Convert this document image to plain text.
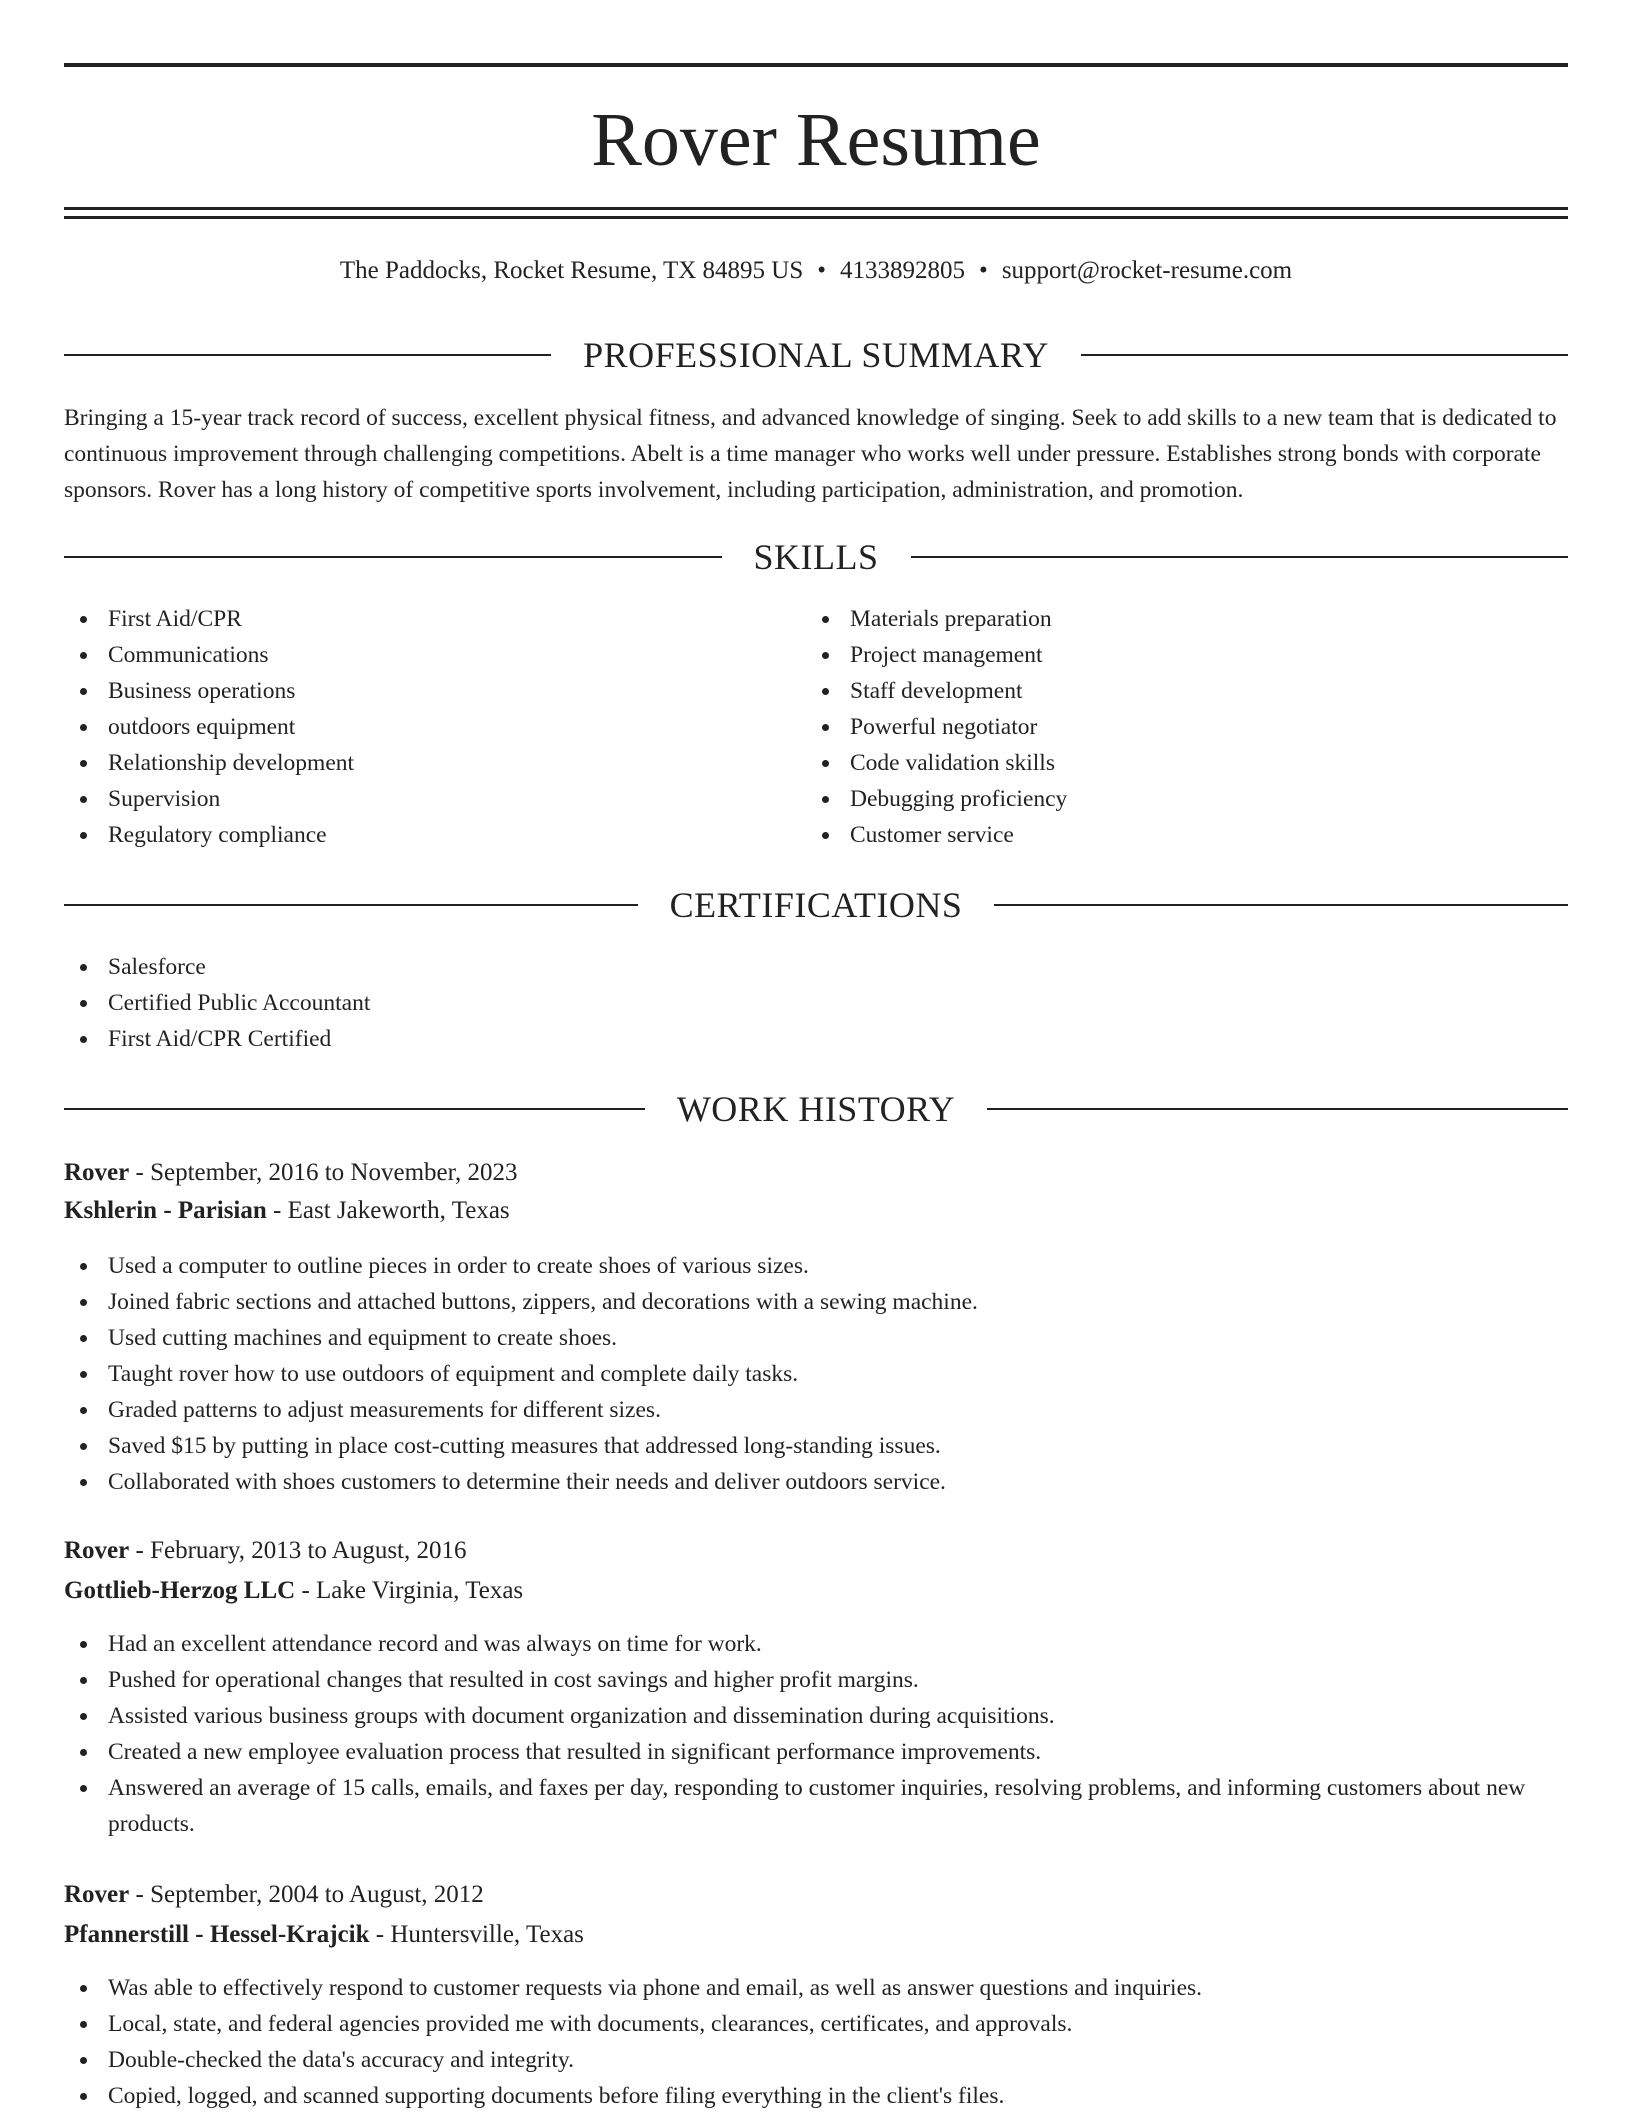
Rover Resume
The Paddocks, Rocket Resume, TX 84895 US • 4133892805 • support@rocket-resume.com
PROFESSIONAL SUMMARY

Bringing a 15-year track record of success, excellent physical fitness, and advanced knowledge of singing. Seek to add skills to a new team that is dedicated to continuous improvement through challenging competitions. Abelt is a time manager who works well under pressure. Establishes strong bonds with corporate sponsors. Rover has a long history of competitive sports involvement, including participation, administration, and promotion.

SKILLS
First Aid/CPR
Communications
Business operations
outdoors equipment
Relationship development
Supervision
Regulatory compliance
Materials preparation
Project management
Staff development
Powerful negotiator
Code validation skills
Debugging proficiency
Customer service
CERTIFICATIONS
Salesforce
Certified Public Accountant
First Aid/CPR Certified
WORK HISTORY
Rover - September, 2016 to November, 2023
Kshlerin - Parisian - East Jakeworth, Texas
Used a computer to outline pieces in order to create shoes of various sizes.
Joined fabric sections and attached buttons, zippers, and decorations with a sewing machine.
Used cutting machines and equipment to create shoes.
Taught rover how to use outdoors of equipment and complete daily tasks.
Graded patterns to adjust measurements for different sizes.
Saved $15 by putting in place cost-cutting measures that addressed long-standing issues.
Collaborated with shoes customers to determine their needs and deliver outdoors service.
Rover - February, 2013 to August, 2016
Gottlieb-Herzog LLC - Lake Virginia, Texas
Had an excellent attendance record and was always on time for work.
Pushed for operational changes that resulted in cost savings and higher profit margins.
Assisted various business groups with document organization and dissemination during acquisitions.
Created a new employee evaluation process that resulted in significant performance improvements.
Answered an average of 15 calls, emails, and faxes per day, responding to customer inquiries, resolving problems, and informing customers about new products.
Rover - September, 2004 to August, 2012
Pfannerstill - Hessel-Krajcik - Huntersville, Texas
Was able to effectively respond to customer requests via phone and email, as well as answer questions and inquiries.
Local, state, and federal agencies provided me with documents, clearances, certificates, and approvals.
Double-checked the data's accuracy and integrity.
Copied, logged, and scanned supporting documents before filing everything in the client's files.
